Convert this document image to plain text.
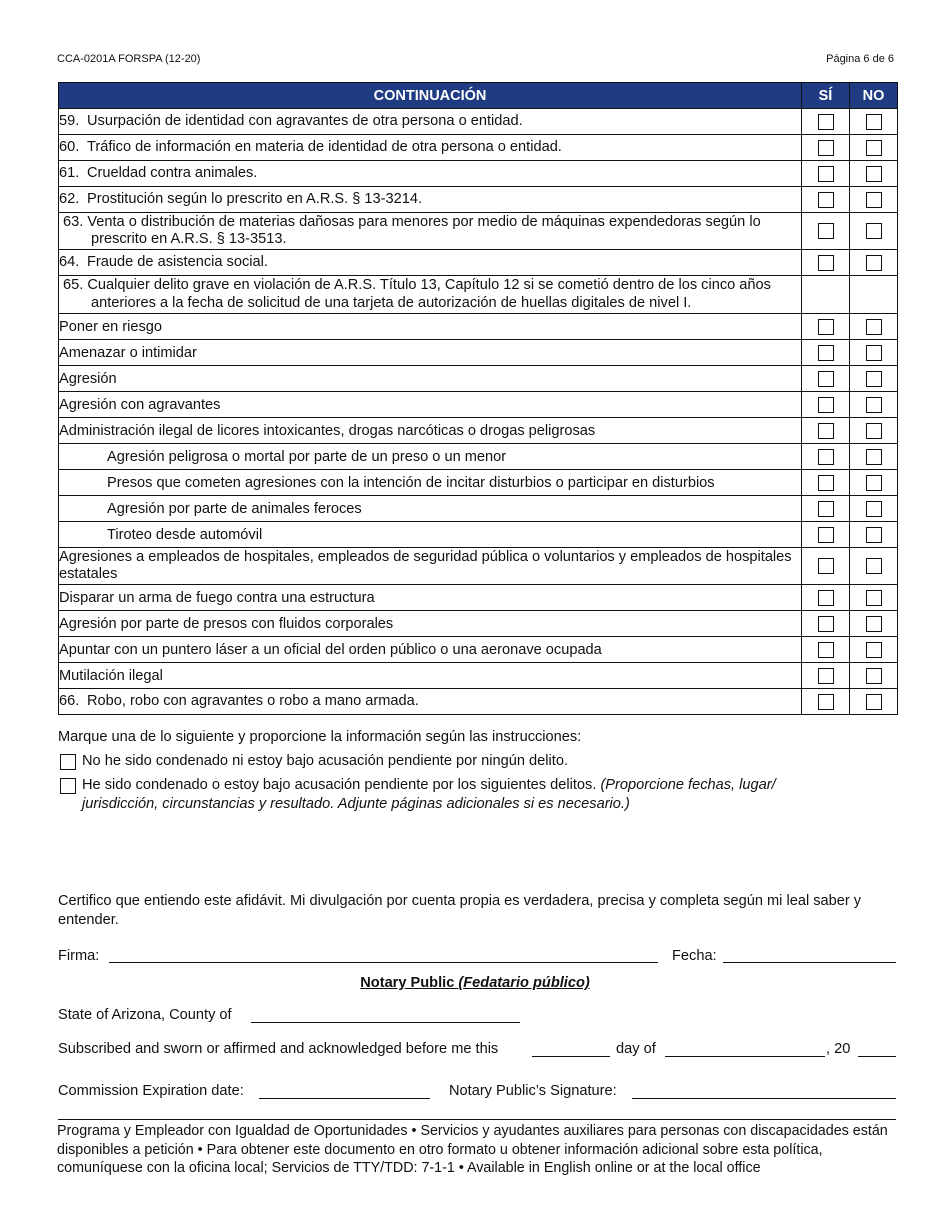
CCA-0201A FORSPA (12-20)	Página 6 de 6
CONTINUACIÓN	SÍ	NO
59. Usurpación de identidad con agravantes de otra persona o entidad.		
60. Tráfico de información en materia de identidad de otra persona o entidad.		
61. Crueldad contra animales.		
62. Prostitución según lo prescrito en A.R.S. § 13-3214.		
63. Venta o distribución de materias dañosas para menores por medio de máquinas expendedoras según lo prescrito en A.R.S. § 13-3513.		
64. Fraude de asistencia social.		
65. Cualquier delito grave en violación de A.R.S. Título 13, Capítulo 12 si se cometió dentro de los cinco años anteriores a la fecha de solicitud de una tarjeta de autorización de huellas digitales de nivel I.		
Poner en riesgo		
Amenazar o intimidar		
Agresión		
Agresión con agravantes		
Administración ilegal de licores intoxicantes, drogas narcóticas o drogas peligrosas		
Agresión peligrosa o mortal por parte de un preso o un menor		
Presos que cometen agresiones con la intención de incitar disturbios o participar en disturbios		
Agresión por parte de animales feroces		
Tiroteo desde automóvil		
Agresiones a empleados de hospitales, empleados de seguridad pública o voluntarios y empleados de hospitales estatales		
Disparar un arma de fuego contra una estructura		
Agresión por parte de presos con fluidos corporales		
Apuntar con un puntero láser a un oficial del orden público o una aeronave ocupada		
Mutilación ilegal		
66. Robo, robo con agravantes o robo a mano armada.		
Marque una de lo siguiente y proporcione la información según las instrucciones:
No he sido condenado ni estoy bajo acusación pendiente por ningún delito.
He sido condenado o estoy bajo acusación pendiente por los siguientes delitos. (Proporcione fechas, lugar/ jurisdicción, circunstancias y resultado. Adjunte páginas adicionales si es necesario.)
Certifico que entiendo este afidávit. Mi divulgación por cuenta propia es verdadera, precisa y completa según mi leal saber y entender.
Firma:	Fecha:
Notary Public (Fedatario público)
State of Arizona, County of
Subscribed and sworn or affirmed and acknowledged before me this	day of	, 20
Commission Expiration date:	Notary Public’s Signature:
Programa y Empleador con Igualdad de Oportunidades • Servicios y ayudantes auxiliares para personas con discapacidades están disponibles a petición • Para obtener este documento en otro formato u obtener información adicional sobre esta política, comuníquese con la oficina local; Servicios de TTY/TDD: 7-1-1 • Available in English online or at the local office
